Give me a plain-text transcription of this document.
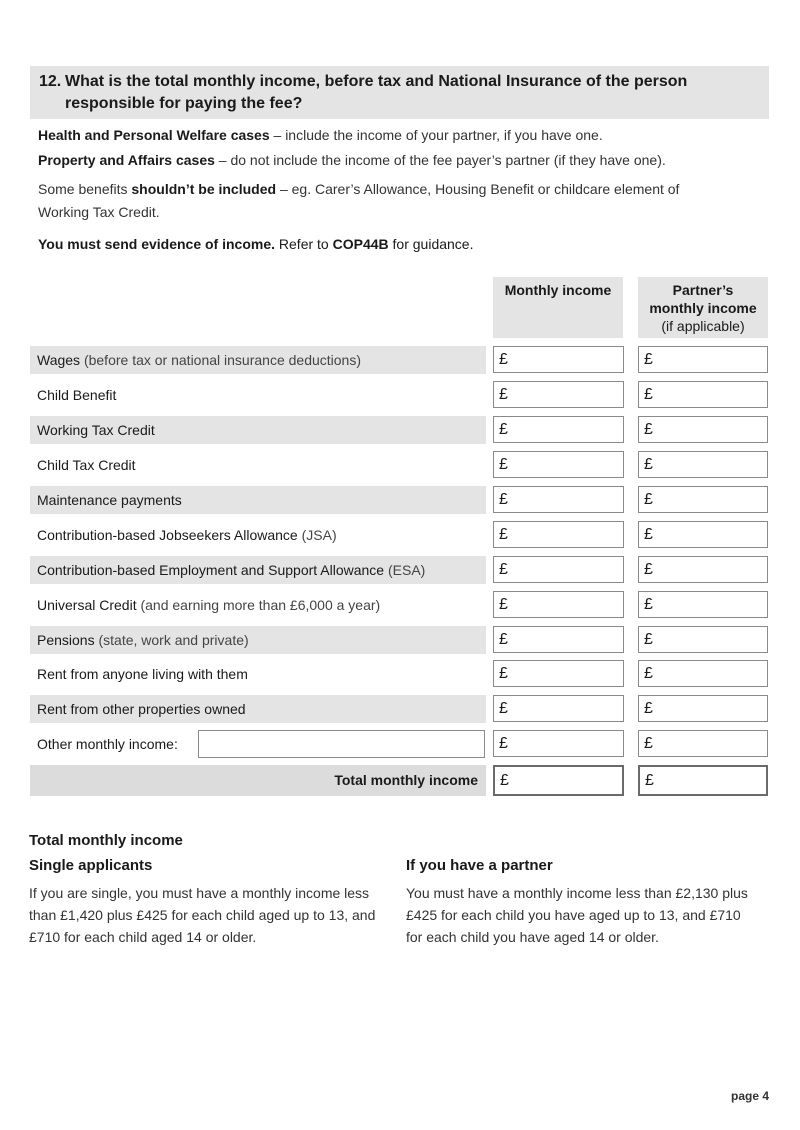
12. What is the total monthly income, before tax and National Insurance of the person
responsible for paying the fee?
Health and Personal Welfare cases – include the income of your partner, if you have one.
Property and Affairs cases – do not include the income of the fee payer’s partner (if they have one).
Some benefits shouldn’t be included – eg. Carer’s Allowance, Housing Benefit or childcare element of
Working Tax Credit.
You must send evidence of income. Refer to COP44B for guidance.
Monthly income	Partner’s
monthly income
(if applicable)
Wages (before tax or national insurance deductions)	£	£
Child Benefit	£	£
Working Tax Credit	£	£
Child Tax Credit	£	£
Maintenance payments	£	£
Contribution-based Jobseekers Allowance (JSA)	£	£
Contribution-based Employment and Support Allowance (ESA)	£	£
Universal Credit (and earning more than £6,000 a year)	£	£
Pensions (state, work and private)	£	£
Rent from anyone living with them	£	£
Rent from other properties owned	£	£
Other monthly income:	£	£
Total monthly income	£	£
Total monthly income
Single applicants
If you are single, you must have a monthly income less
than £1,420 plus £425 for each child aged up to 13, and
£710 for each child aged 14 or older.
If you have a partner
You must have a monthly income less than £2,130 plus
£425 for each child you have aged up to 13, and £710
for each child you have aged 14 or older.
page 4
